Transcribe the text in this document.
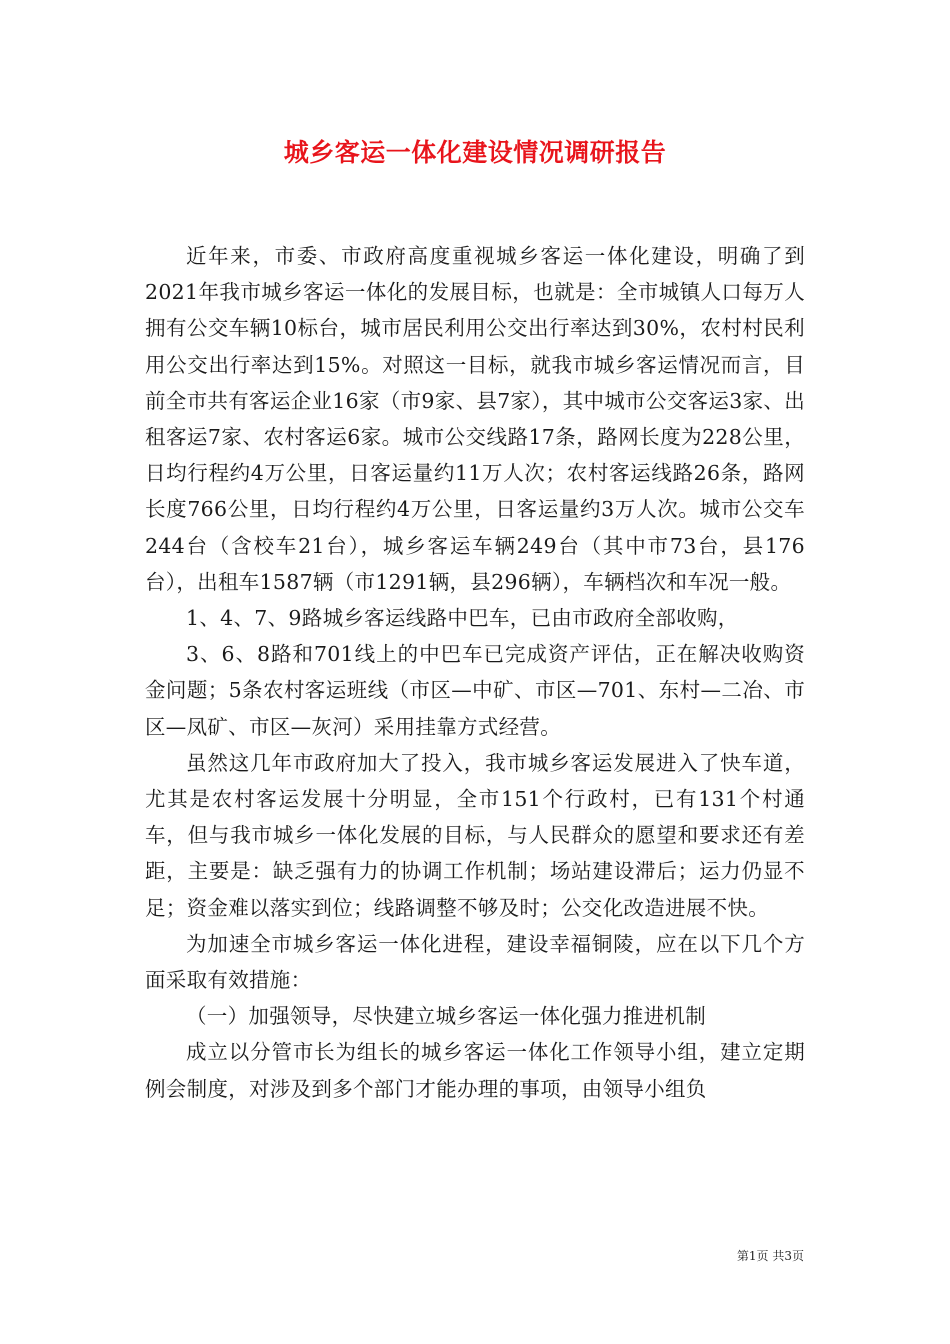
城乡客运一体化建设情况调研报告

近年来，市委、市政府高度重视城乡客运一体化建设，明确了到2021年我市城乡客运一体化的发展目标，也就是：全市城镇人口每万人拥有公交车辆10标台，城市居民利用公交出行率达到30%，农村村民利用公交出行率达到15%。对照这一目标，就我市城乡客运情况而言，目前全市共有客运企业16家（市9家、县7家），其中城市公交客运3家、出租客运7家、农村客运6家。城市公交线路17条，路网长度为228公里，日均行程约4万公里，日客运量约11万人次；农村客运线路26条，路网长度766公里，日均行程约4万公里，日客运量约3万人次。城市公交车244台（含校车21台），城乡客运车辆249台（其中市73台，县176台），出租车1587辆（市1291辆，县296辆），车辆档次和车况一般。

1、4、7、9路城乡客运线路中巴车，已由市政府全部收购，

3、6、8路和701线上的中巴车已完成资产评估，正在解决收购资金问题；5条农村客运班线（市区—中矿、市区—701、东村—二冶、市区—凤矿、市区—灰河）采用挂靠方式经营。

虽然这几年市政府加大了投入，我市城乡客运发展进入了快车道，尤其是农村客运发展十分明显，全市151个行政村，已有131个村通车，但与我市城乡一体化发展的目标，与人民群众的愿望和要求还有差距，主要是：缺乏强有力的协调工作机制；场站建设滞后；运力仍显不足；资金难以落实到位；线路调整不够及时；公交化改造进展不快。

为加速全市城乡客运一体化进程，建设幸福铜陵，应在以下几个方面采取有效措施：

（一）加强领导，尽快建立城乡客运一体化强力推进机制

成立以分管市长为组长的城乡客运一体化工作领导小组，建立定期例会制度，对涉及到多个部门才能办理的事项，由领导小组负

第1页 共3页
